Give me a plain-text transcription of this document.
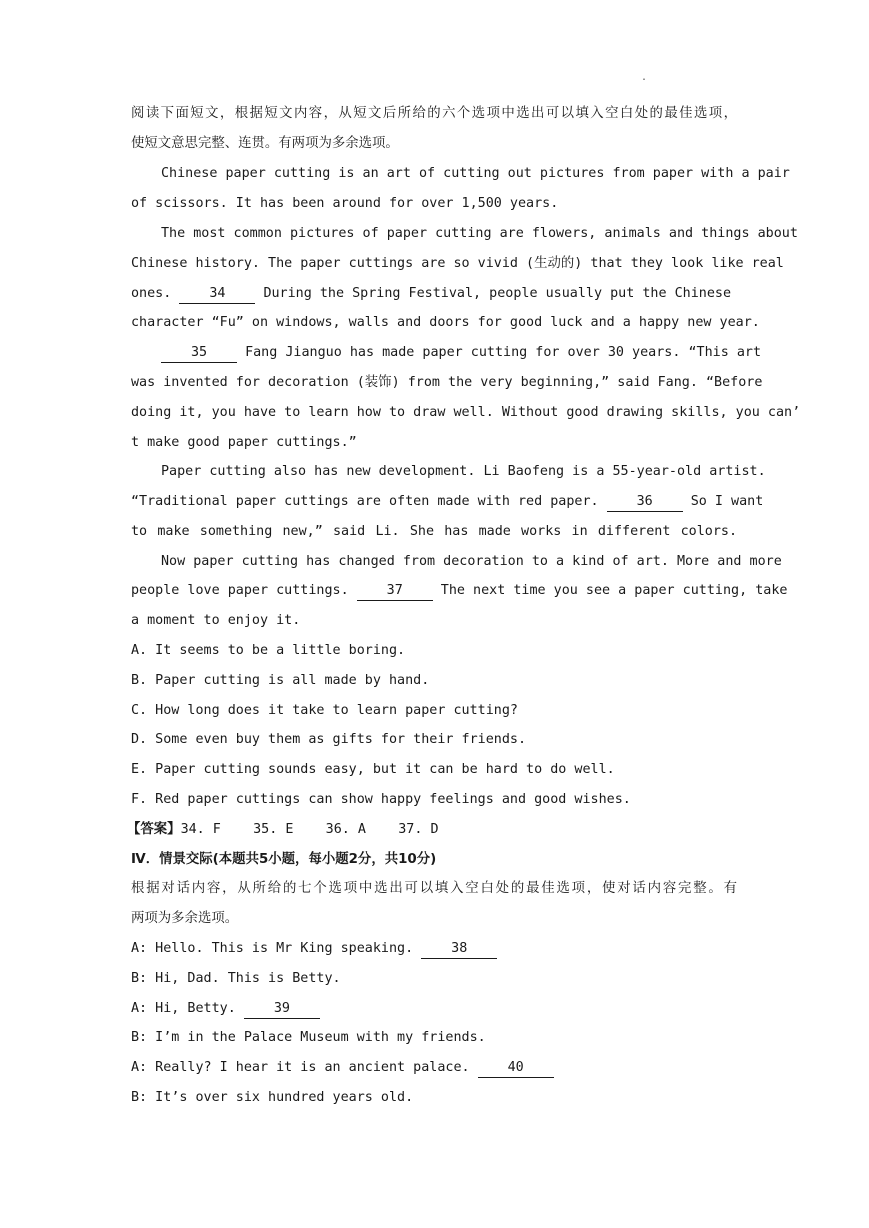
.
阅读下面短文，根据短文内容，从短文后所给的六个选项中选出可以填入空白处的最佳选项，
使短文意思完整、连贯。有两项为多余选项。
Chinese paper cutting is an art of cutting out pictures from paper with a pair
of scissors. It has been around for over 1,500 years.
The most common pictures of paper cutting are flowers, animals and things about
Chinese history. The paper cuttings are so vivid (生动的) that they look like real
ones.	34	During the Spring Festival, people usually put the Chinese
character “Fu” on windows, walls and doors for good luck and a happy new year.
35	Fang Jianguo has made paper cutting for over 30 years. “This art
was invented for decoration (装饰) from the very beginning,” said Fang. “Before
doing it, you have to learn how to draw well. Without good drawing skills, you can’
t make good paper cuttings.”
Paper cutting also has new development. Li Baofeng is a 55-year-old artist.
“Traditional paper cuttings are often made with red paper.	36	So I want
to make something new,” said Li. She has made works in different colors.
Now paper cutting has changed from decoration to a kind of art. More and more
people love paper cuttings.	37	The next time you see a paper cutting, take
a moment to enjoy it.
A. It seems to be a little boring.
B. Paper cutting is all made by hand.
C. How long does it take to learn paper cutting?
D. Some even buy them as gifts for their friends.
E. Paper cutting sounds easy, but it can be hard to do well.
F. Red paper cuttings can show happy feelings and good wishes.
【答案】34. F    35. E    36. A    37. D
Ⅳ．情景交际(本题共5小题，每小题2分，共10分)
根据对话内容，从所给的七个选项中选出可以填入空白处的最佳选项，使对话内容完整。有
两项为多余选项。
A: Hello. This is Mr King speaking.	38
B: Hi, Dad. This is Betty.
A: Hi, Betty.	39
B: I’m in the Palace Museum with my friends.
A: Really? I hear it is an ancient palace.	40
B: It’s over six hundred years old.
